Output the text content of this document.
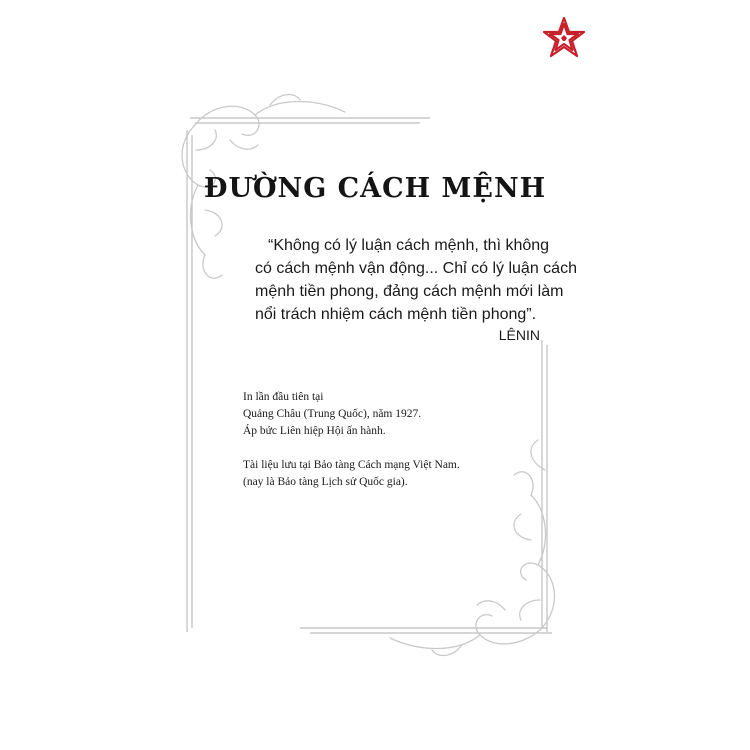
ĐƯỜNG CÁCH MỆNH
“Không có lý luận cách mệnh, thì không
có cách mệnh vận động... Chỉ có lý luận cách
mệnh tiền phong, đảng cách mệnh mới làm
nổi trách nhiệm cách mệnh tiền phong”.
LÊNIN

In lần đầu tiên tại

Quảng Châu (Trung Quốc), năm 1927.

Áp bức Liên hiệp Hội ấn hành.

Tài liệu lưu tại Bảo tàng Cách mạng Việt Nam.

(nay là Bảo tàng Lịch sử Quốc gia).
